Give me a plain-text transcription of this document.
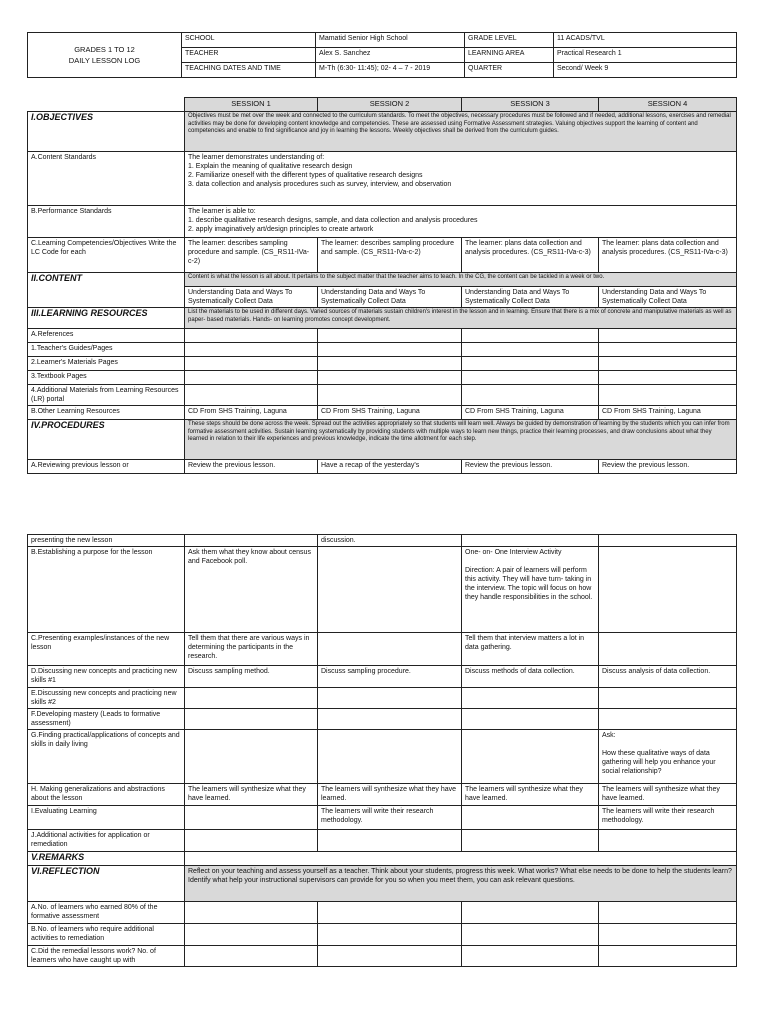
GRADES 1 TO 12
DAILY LESSON LOG	SCHOOL	Mamatid Senior High School	GRADE LEVEL	11 ACADS/TVL
	TEACHER	Alex S. Sanchez	LEARNING AREA	Practical Research 1
	TEACHING DATES AND TIME	M-Th (6:30- 11:45); 02- 4 – 7 - 2019	QUARTER	Second/ Week 9
	SESSION 1	SESSION 2	SESSION 3	SESSION 4
I.OBJECTIVES	Objectives must be met over the week and connected to the curriculum standards. To meet the objectives, necessary procedures must be followed and if needed, additional lessons, exercises and remedial activities may be done for developing content knowledge and competencies. These are assessed using Formative Assessment strategies. Valuing objectives support the learning of content and competencies and enable to find significance and joy in learning the lessons. Weekly objectives shall be derived from the curriculum guides.			
A.Content Standards	The learner demonstrates understanding of:
1. Explain the meaning of qualitative research design
2. Familiarize oneself with the different types of qualitative research designs
3. data collection and analysis procedures such as survey, interview, and observation			

B.Performance Standards	The learner is able to:
1. describe qualitative research designs, sample, and data collection and analysis procedures
2. apply imaginatively art/design principles to create artwork			

C.Learning Competencies/Objectives Write the LC Code for each	The learner: describes sampling procedure and sample. (CS_RS11-IVa-c-2)	The learner: describes sampling procedure and sample. (CS_RS11-IVa-c-2)	The learner: plans data collection and analysis procedures. (CS_RS11-IVa-c-3)	The learner: plans data collection and analysis procedures. (CS_RS11-IVa-c-3)
II.CONTENT	Content is what the lesson is all about. It pertains to the subject matter that the teacher aims to teach. In the CG, the content can be tackled in a week or two.			
	Understanding Data and Ways To Systematically Collect Data	Understanding Data and Ways To Systematically Collect Data	Understanding Data and Ways To Systematically Collect Data	Understanding Data and Ways To Systematically Collect Data
III.LEARNING RESOURCES	List the materials to be used in different days. Varied sources of materials sustain children's interest in the lesson and in learning. Ensure that there is a mix of concrete and manipulative materials as well as paper- based materials. Hands- on learning promotes concept development.			
A.References				
1.Teacher's Guides/Pages				
2.Learner's Materials Pages				
3.Textbook Pages				
4.Additional Materials from Learning Resources (LR) portal				
B.Other Learning Resources	CD From SHS Training, Laguna	CD From SHS Training, Laguna	CD From SHS Training, Laguna	CD From SHS Training, Laguna
IV.PROCEDURES	These steps should be done across the week. Spread out the activities appropriately so that students will learn well. Always be guided by demonstration of learning by the students which you can infer from formative assessment activities. Sustain learning systematically by providing students with multiple ways to learn new things, practice their learning processes, and draw conclusions about what they learned in relation to their life experiences and previous knowledge, indicate the time allotment for each step.			
A.Reviewing previous lesson or	Review the previous lesson.	Have a recap of the yesterday's	Review the previous lesson.	Review the previous lesson.
presenting the new lesson		discussion.		
B.Establishing a purpose for the lesson	Ask them what they know about census and Facebook poll.		One- on- One Interview Activity
Direction: A pair of learners will perform this activity. They will have turn- taking in the interview. The topic will focus on how they handle responsibilities in the school.	

C.Presenting examples/instances of the new lesson	Tell them that there are various ways in determining the participants in the research.		Tell them that interview matters a lot in data gathering.	
D.Discussing new concepts and practicing new skills #1	Discuss sampling method.	Discuss sampling procedure.	Discuss methods of data collection.	Discuss analysis of data collection.
E.Discussing new concepts and practicing new skills #2				
F.Developing mastery (Leads to formative assessment)				
G.Finding practical/applications of concepts and skills in daily living				Ask:
How these qualitative ways of data gathering will help you enhance your social relationship?

H. Making generalizations and abstractions about the lesson	The learners will synthesize what they have learned.	The learners will synthesize what they have learned.	The learners will synthesize what they have learned.	The learners will synthesize what they have learned.
I.Evaluating Learning		The learners will write their research methodology.		The learners will write their research methodology.
J.Additional activities for application or remediation				
V.REMARKS				
VI.REFLECTION	Reflect on your teaching and assess yourself as a teacher. Think about your students, progress this week. What works? What else needs to be done to help the students learn? Identify what help your instructional supervisors can provide for you so when you meet them, you can ask relevant questions.			
A.No. of learners who earned 80% of the formative assessment				
B.No. of learners who require additional activities to remediation				
C.Did the remedial lessons work? No. of learners who have caught up with				
